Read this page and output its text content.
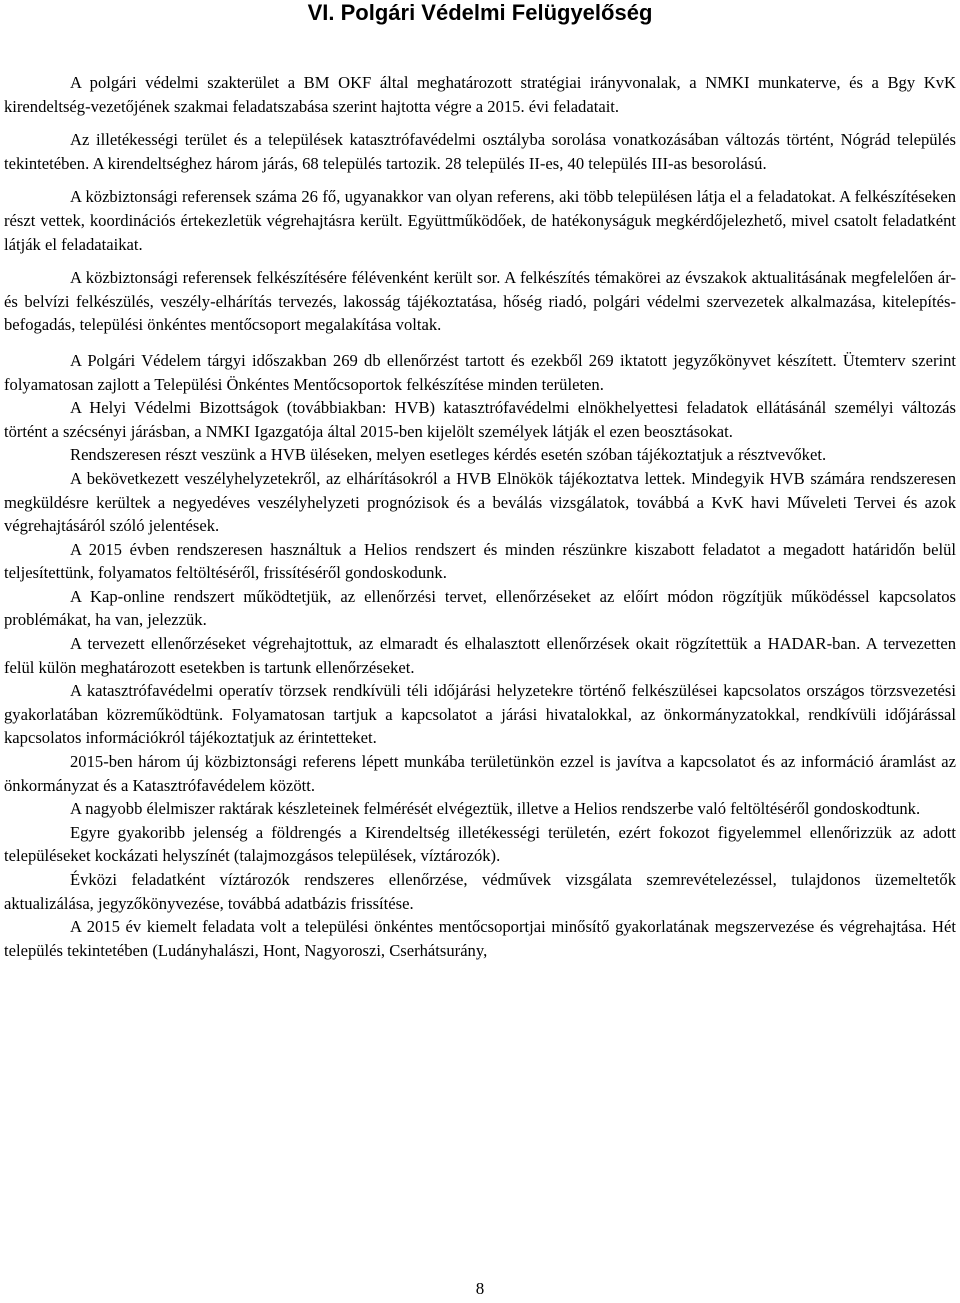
VI. Polgári Védelmi Felügyelőség

A polgári védelmi szakterület a BM OKF által meghatározott stratégiai irányvonalak, a NMKI munkaterve, és a Bgy KvK kirendeltség-vezetőjének szakmai feladatszabása szerint hajtotta végre a 2015. évi feladatait.

Az illetékességi terület és a települések katasztrófavédelmi osztályba sorolása vonatkozásában változás történt, Nógrád település tekintetében. A kirendeltséghez három járás, 68 település tartozik. 28 település II-es, 40 település III-as besorolású.

A közbiztonsági referensek száma 26 fő, ugyanakkor van olyan referens, aki több településen látja el a feladatokat. A felkészítéseken részt vettek, koordinációs értekezletük végrehajtásra került. Együttműködőek, de hatékonyságuk megkérdőjelezhető, mivel csatolt feladatként látják el feladataikat.

A közbiztonsági referensek felkészítésére félévenként került sor. A felkészítés témakörei az évszakok aktualitásának megfelelően ár- és belvízi felkészülés, veszély-elhárítás tervezés, lakosság tájékoztatása, hőség riadó, polgári védelmi szervezetek alkalmazása, kitelepítés-befogadás, települési önkéntes mentőcsoport megalakítása voltak.

A Polgári Védelem tárgyi időszakban 269 db ellenőrzést tartott és ezekből 269 iktatott jegyzőkönyvet készített. Ütemterv szerint folyamatosan zajlott a Települési Önkéntes Mentőcsoportok felkészítése minden területen.

A Helyi Védelmi Bizottságok (továbbiakban: HVB) katasztrófavédelmi elnökhelyettesi feladatok ellátásánál személyi változás történt a szécsényi járásban, a NMKI Igazgatója által 2015-ben kijelölt személyek látják el ezen beosztásokat.

Rendszeresen részt veszünk a HVB üléseken, melyen esetleges kérdés esetén szóban tájékoztatjuk a résztvevőket.

A bekövetkezett veszélyhelyzetekről, az elhárításokról a HVB Elnökök tájékoztatva lettek. Mindegyik HVB számára rendszeresen megküldésre kerültek a negyedéves veszélyhelyzeti prognózisok és a beválás vizsgálatok, továbbá a KvK havi Műveleti Tervei és azok végrehajtásáról szóló jelentések.

A 2015 évben rendszeresen használtuk a Helios rendszert és minden részünkre kiszabott feladatot a megadott határidőn belül teljesítettünk, folyamatos feltöltéséről, frissítéséről gondoskodunk.

A Kap-online rendszert működtetjük, az ellenőrzési tervet, ellenőrzéseket az előírt módon rögzítjük működéssel kapcsolatos problémákat, ha van, jelezzük.

A tervezett ellenőrzéseket végrehajtottuk, az elmaradt és elhalasztott ellenőrzések okait rögzítettük a HADAR-ban. A tervezetten felül külön meghatározott esetekben is tartunk ellenőrzéseket.

A katasztrófavédelmi operatív törzsek rendkívüli téli időjárási helyzetekre történő felkészülései kapcsolatos országos törzsvezetési gyakorlatában közreműködtünk. Folyamatosan tartjuk a kapcsolatot a járási hivatalokkal, az önkormányzatokkal, rendkívüli időjárással kapcsolatos információkról tájékoztatjuk az érintetteket.

2015-ben három új közbiztonsági referens lépett munkába területünkön ezzel is javítva a kapcsolatot és az információ áramlást az önkormányzat és a Katasztrófavédelem között.

A nagyobb élelmiszer raktárak készleteinek felmérését elvégeztük, illetve a Helios rendszerbe való feltöltéséről gondoskodtunk.

Egyre gyakoribb jelenség a földrengés a Kirendeltség illetékességi területén, ezért fokozot figyelemmel ellenőrizzük az adott településeket kockázati helyszínét (talajmozgásos települések, víztározók).

Évközi feladatként víztározók rendszeres ellenőrzése, védművek vizsgálata szemrevételezéssel, tulajdonos üzemeltetők aktualizálása, jegyzőkönyvezése, továbbá adatbázis frissítése.

A 2015 év kiemelt feladata volt a települési önkéntes mentőcsoportjai minősítő gyakorlatának megszervezése és végrehajtása. Hét település tekintetében (Ludányhalászi, Hont, Nagyoroszi, Cserhátsurány,

8
